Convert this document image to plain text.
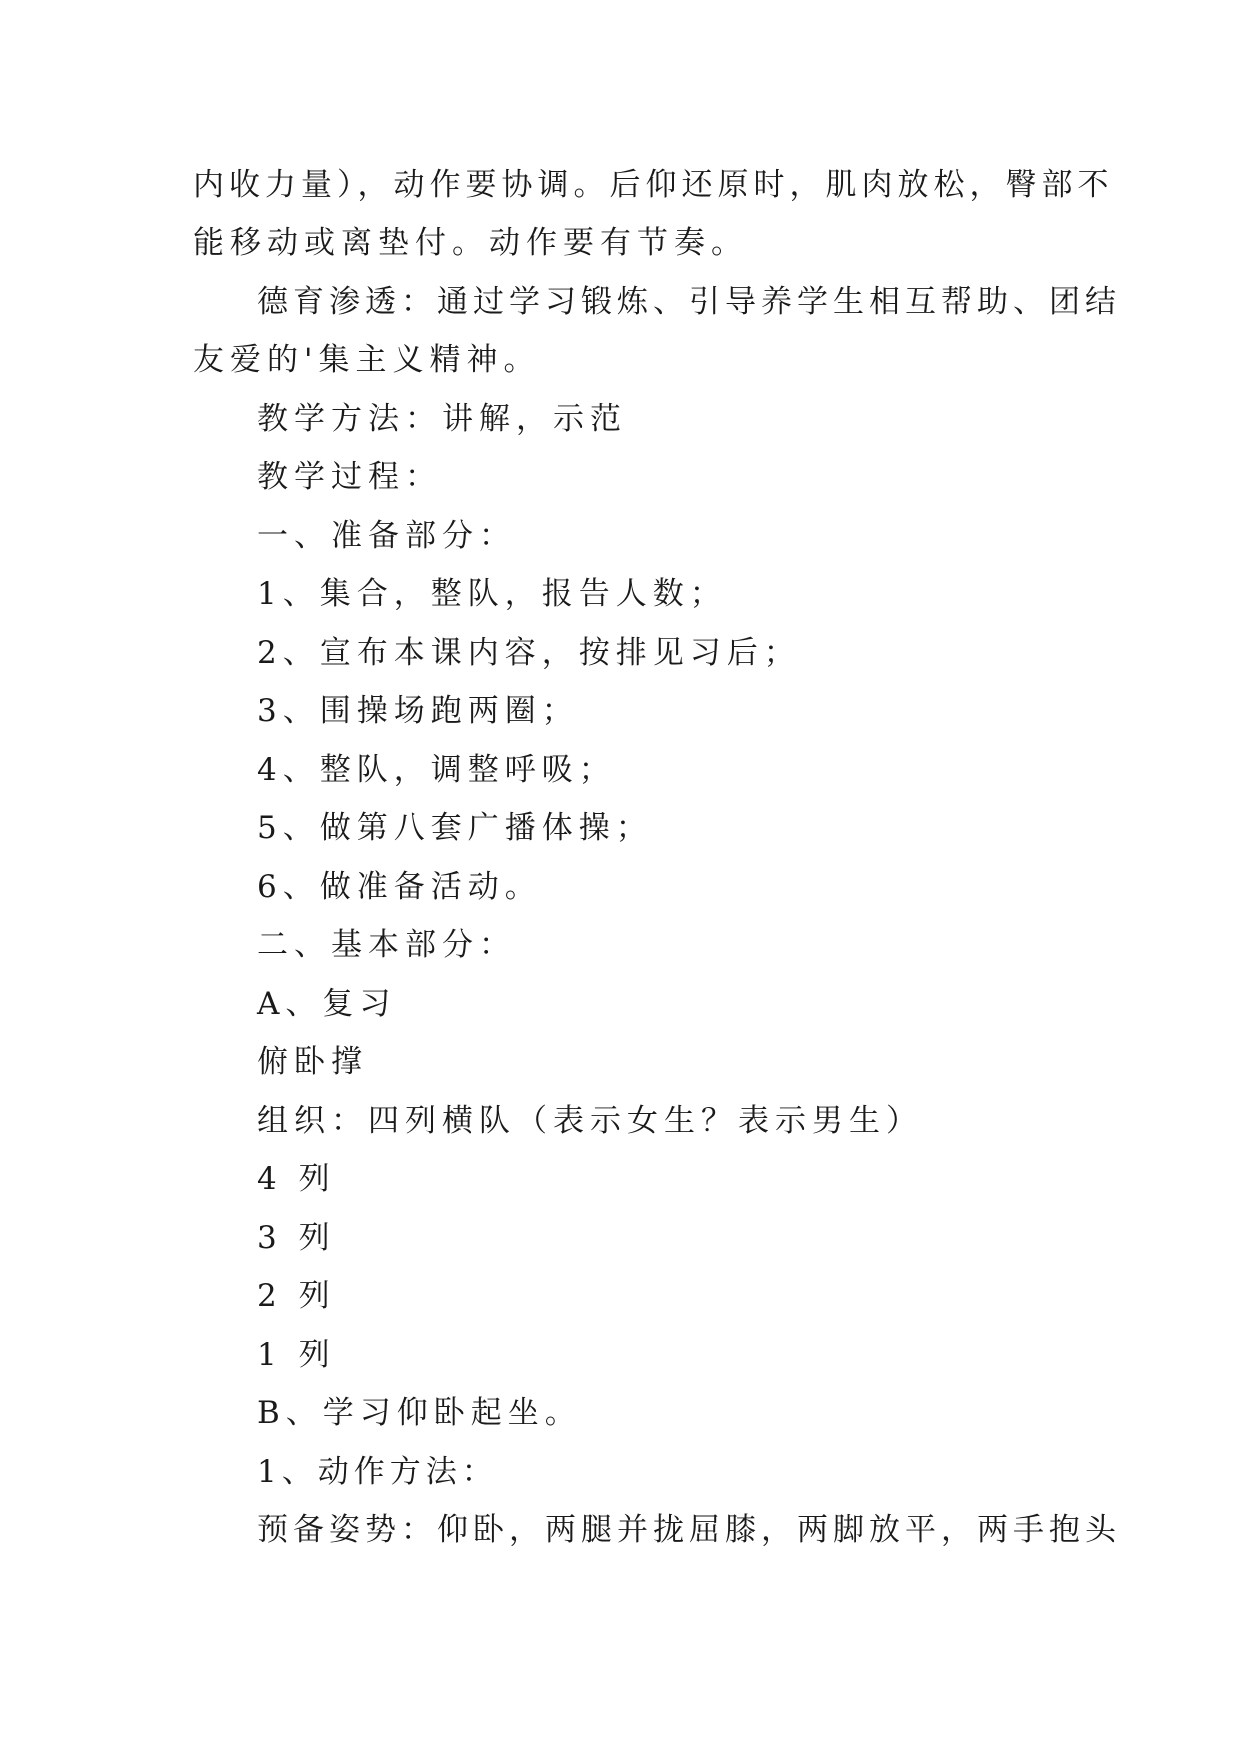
内收力量），动作要协调。后仰还原时，肌肉放松，臀部不
能移动或离垫付。动作要有节奏。
德育渗透：通过学习锻炼、引导养学生相互帮助、团结
友爱的'集主义精神。
教学方法：讲解，示范
教学过程：
一、准备部分：
1、集合，整队，报告人数；
2、宣布本课内容，按排见习后；
3、围操场跑两圈；
4、整队，调整呼吸；
5、做第八套广播体操；
6、做准备活动。
二、基本部分：
A、复习
俯卧撑
组织：四列横队（表示女生？表示男生）
4 列
3 列
2 列
1 列
B、学习仰卧起坐。
1、动作方法：
预备姿势：仰卧，两腿并拢屈膝，两脚放平，两手抱头
